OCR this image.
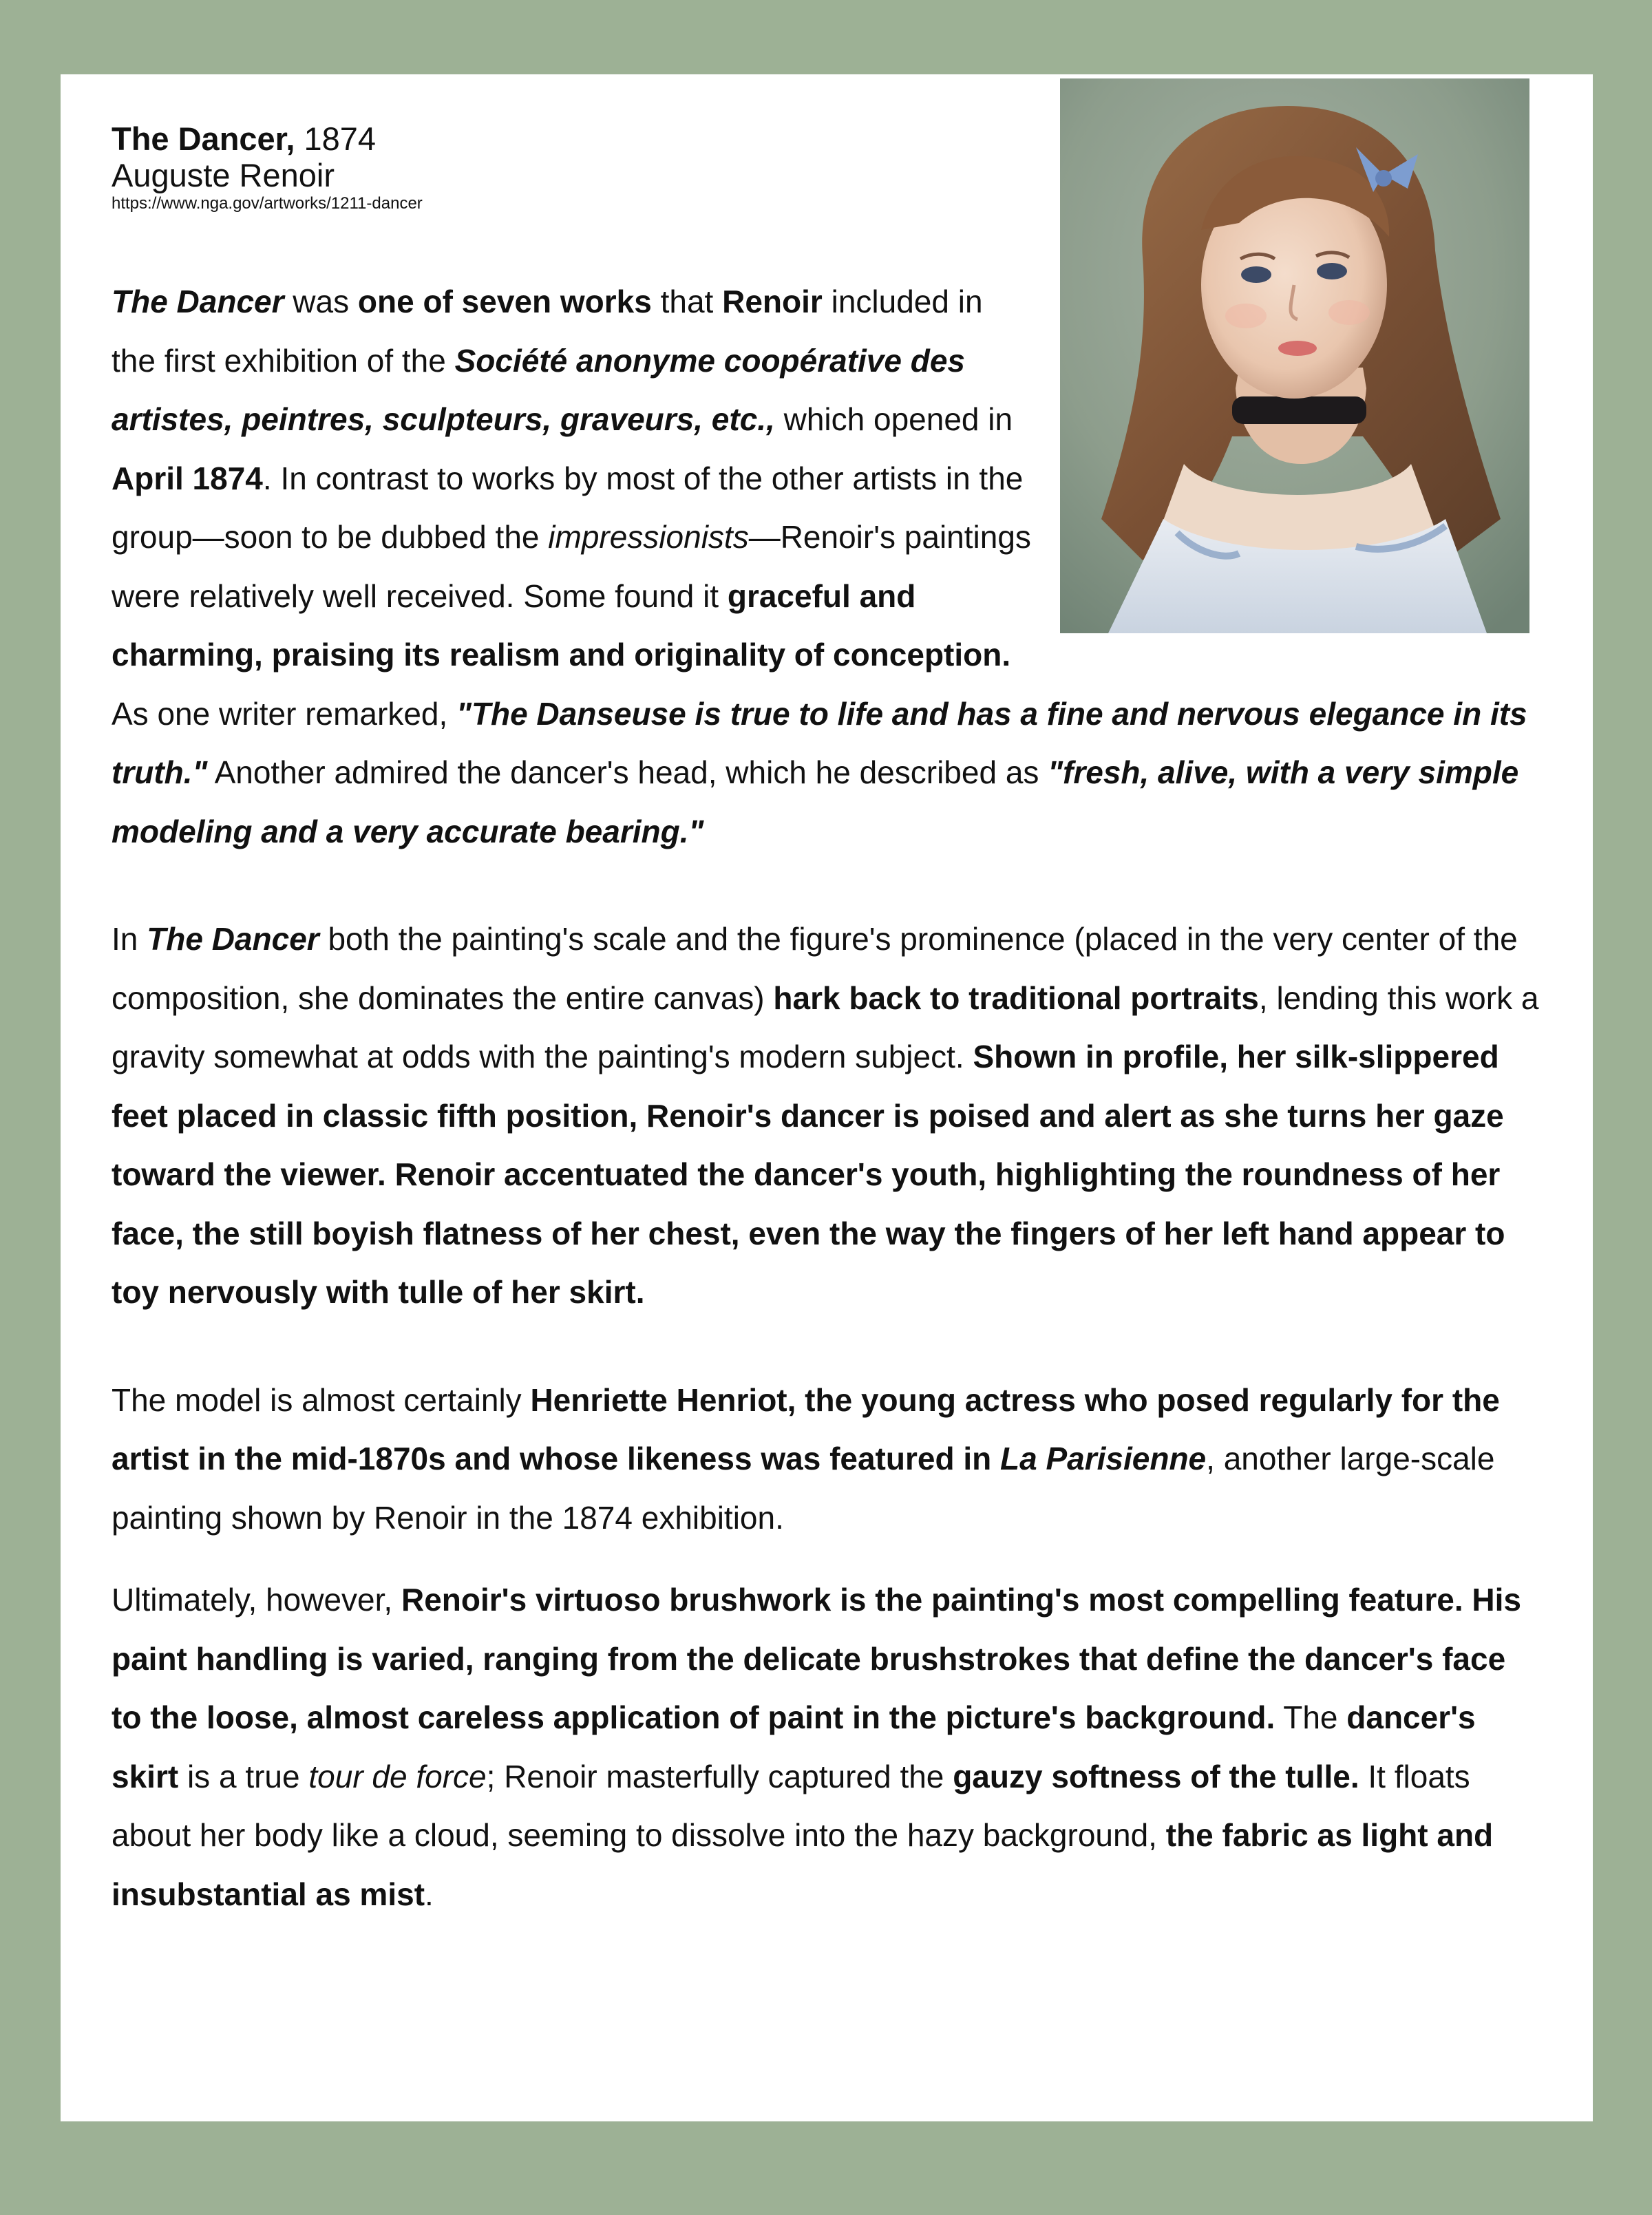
The Dancer, 1874

Auguste Renoir

https://www.nga.gov/artworks/1211-dancer

The Dancer was one of seven works that Renoir included in the first exhibition of the Société anonyme coopérative des artistes, peintres, sculpteurs, graveurs, etc., which opened in April 1874. In contrast to works by most of the other artists in the group—soon to be dubbed the impressionists—Renoir's paintings were relatively well received. Some found it graceful and charming, praising its realism and originality of conception. As one writer remarked, "The Danseuse is true to life and has a fine and nervous elegance in its truth." Another admired the dancer's head, which he described as "fresh, alive, with a very simple modeling and a very accurate bearing."

In The Dancer both the painting's scale and the figure's prominence (placed in the very center of the composition, she dominates the entire canvas) hark back to traditional portraits, lending this work a gravity somewhat at odds with the painting's modern subject. Shown in profile, her silk-slippered feet placed in classic fifth position, Renoir's dancer is poised and alert as she turns her gaze toward the viewer. Renoir accentuated the dancer's youth, highlighting the roundness of her face, the still boyish flatness of her chest, even the way the fingers of her left hand appear to toy nervously with tulle of her skirt.

The model is almost certainly Henriette Henriot, the young actress who posed regularly for the artist in the mid-1870s and whose likeness was featured in La Parisienne, another large-scale painting shown by Renoir in the 1874 exhibition.

Ultimately, however, Renoir's virtuoso brushwork is the painting's most compelling feature. His paint handling is varied, ranging from the delicate brushstrokes that define the dancer's face to the loose, almost careless application of paint in the picture's background. The dancer's skirt is a true tour de force; Renoir masterfully captured the gauzy softness of the tulle. It floats about her body like a cloud, seeming to dissolve into the hazy background, the fabric as light and insubstantial as mist.
